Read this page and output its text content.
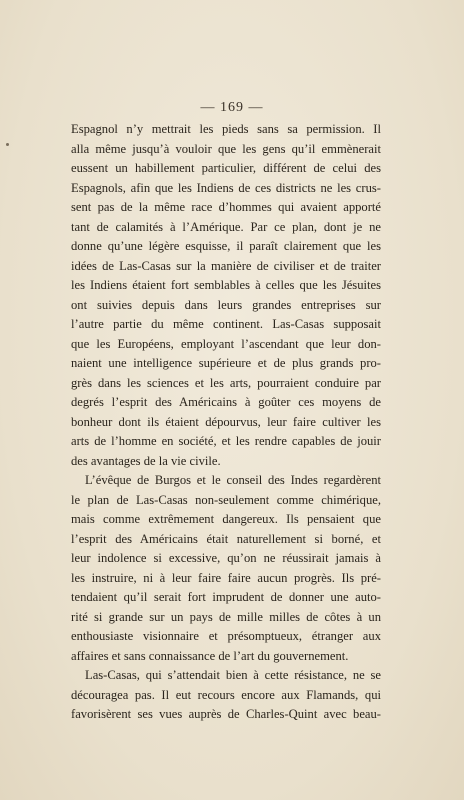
— 169 —
Espagnol n’y mettrait les pieds sans sa permission. Il
alla même jusqu’à vouloir que les gens qu’il emmènerait
eussent un habillement particulier, différent de celui des
Espagnols, afin que les Indiens de ces districts ne les crus-
sent pas de la même race d’hommes qui avaient apporté
tant de calamités à l’Amérique. Par ce plan, dont je ne
donne qu’une légère esquisse, il paraît clairement que les
idées de Las-Casas sur la manière de civiliser et de traiter
les Indiens étaient fort semblables à celles que les Jésuites
ont suivies depuis dans leurs grandes entreprises sur
l’autre partie du même continent. Las-Casas supposait
que les Européens, employant l’ascendant que leur don-
naient une intelligence supérieure et de plus grands pro-
grès dans les sciences et les arts, pourraient conduire par
degrés l’esprit des Américains à goûter ces moyens de
bonheur dont ils étaient dépourvus, leur faire cultiver les
arts de l’homme en société, et les rendre capables de jouir
des avantages de la vie civile.
L’évêque de Burgos et le conseil des Indes regardèrent
le plan de Las-Casas non-seulement comme chimérique,
mais comme extrêmement dangereux. Ils pensaient que
l’esprit des Américains était naturellement si borné, et
leur indolence si excessive, qu’on ne réussirait jamais à
les instruire, ni à leur faire faire aucun progrès. Ils pré-
tendaient qu’il serait fort imprudent de donner une auto-
rité si grande sur un pays de mille milles de côtes à un
enthousiaste visionnaire et présomptueux, étranger aux
affaires et sans connaissance de l’art du gouvernement.
Las-Casas, qui s’attendait bien à cette résistance, ne se
découragea pas. Il eut recours encore aux Flamands, qui
favorisèrent ses vues auprès de Charles-Quint avec beau-
